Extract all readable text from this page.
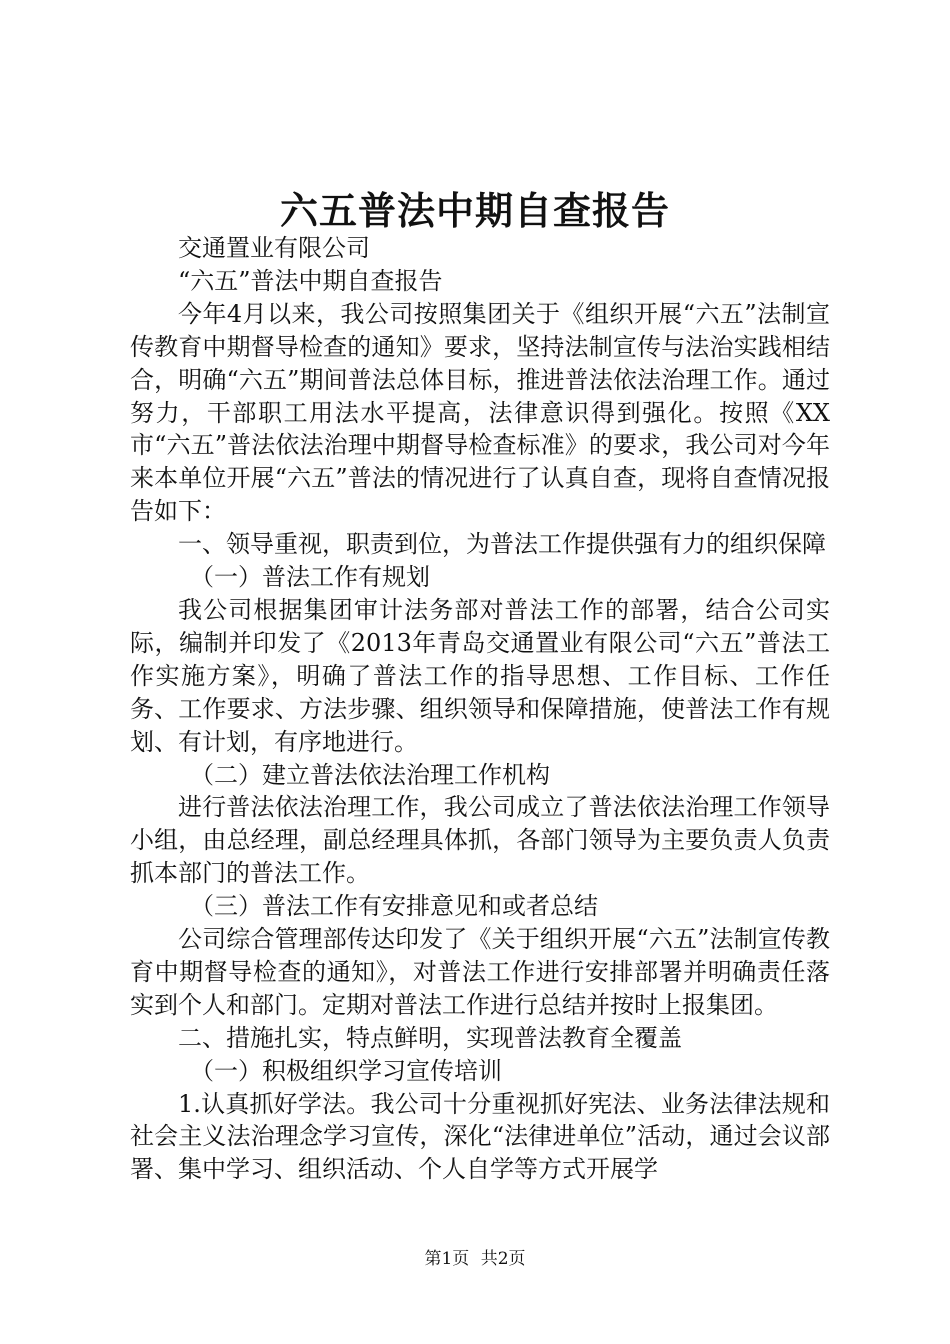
六五普法中期自查报告

交通置业有限公司

“六五”普法中期自查报告

今年4月以来，我公司按照集团关于《组织开展“六五”法制宣传教育中期督导检查的通知》要求，坚持法制宣传与法治实践相结合，明确“六五”期间普法总体目标，推进普法依法治理工作。通过努力，干部职工用法水平提高，法律意识得到强化。按照《XX市“六五”普法依法治理中期督导检查标准》的要求，我公司对今年来本单位开展“六五”普法的情况进行了认真自查，现将自查情况报告如下：

一、领导重视，职责到位，为普法工作提供强有力的组织保障

（一）普法工作有规划

我公司根据集团审计法务部对普法工作的部署，结合公司实际，编制并印发了《2013年青岛交通置业有限公司“六五”普法工作实施方案》，明确了普法工作的指导思想、工作目标、工作任务、工作要求、方法步骤、组织领导和保障措施，使普法工作有规划、有计划，有序地进行。

（二）建立普法依法治理工作机构

进行普法依法治理工作，我公司成立了普法依法治理工作领导小组，由总经理，副总经理具体抓，各部门领导为主要负责人负责抓本部门的普法工作。

（三）普法工作有安排意见和或者总结

公司综合管理部传达印发了《关于组织开展“六五”法制宣传教育中期督导检查的通知》，对普法工作进行安排部署并明确责任落实到个人和部门。定期对普法工作进行总结并按时上报集团。

二、措施扎实，特点鲜明，实现普法教育全覆盖

（一）积极组织学习宣传培训

1.认真抓好学法。我公司十分重视抓好宪法、业务法律法规和社会主义法治理念学习宣传，深化“法律进单位”活动，通过会议部署、集中学习、组织活动、个人自学等方式开展学

第1页 共2页
